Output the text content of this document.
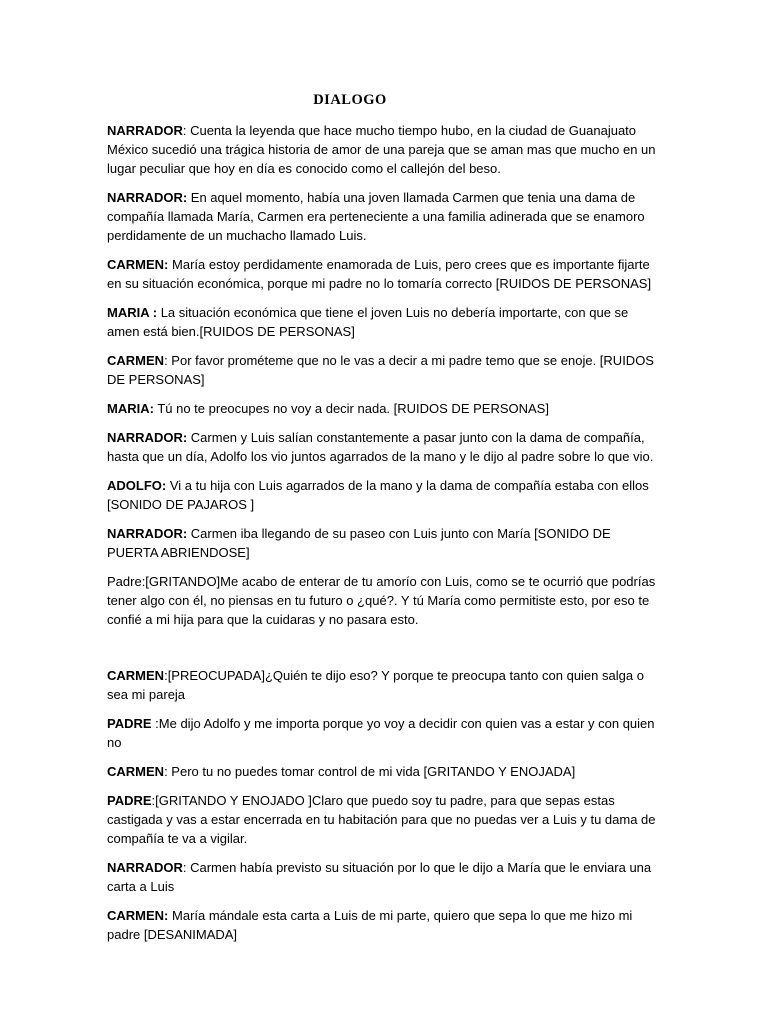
DIALOGO

NARRADOR: Cuenta la leyenda que hace mucho tiempo hubo, en la ciudad de Guanajuato México sucedió una trágica historia de amor de una pareja que se aman mas que mucho en un lugar peculiar que hoy en día es conocido como el callejón del beso.

NARRADOR: En aquel momento, había una joven llamada Carmen que tenia una dama de compañía llamada María, Carmen era perteneciente a una familia adinerada que se enamoro perdidamente de un muchacho llamado Luis.

CARMEN: María estoy perdidamente enamorada de Luis, pero crees que es importante fijarte en su situación económica, porque mi padre no lo tomaría correcto [RUIDOS DE PERSONAS]

MARIA : La situación económica que tiene el joven Luis no debería importarte, con que se amen está bien.[RUIDOS DE PERSONAS]

CARMEN: Por favor prométeme que no le vas a decir a mi padre temo que se enoje. [RUIDOS DE PERSONAS]

MARIA: Tú no te preocupes no voy a decir nada. [RUIDOS DE PERSONAS]

NARRADOR: Carmen y Luis salían constantemente a pasar junto con la dama de compañía, hasta que un día, Adolfo los vio juntos agarrados de la mano y le dijo al padre sobre lo que vio.

ADOLFO: Vi a tu hija con Luis agarrados de la mano y la dama de compañía estaba con ellos [SONIDO DE PAJAROS ]

NARRADOR: Carmen iba llegando de su paseo con Luis junto con María [SONIDO DE PUERTA ABRIENDOSE]

Padre:[GRITANDO]Me acabo de enterar de tu amorío con Luis, como se te ocurrió que podrías tener algo con él, no piensas en tu futuro o ¿qué?. Y tú María como permitiste esto, por eso te confié a mi hija para que la cuidaras y no pasara esto.

CARMEN:[PREOCUPADA]¿Quién te dijo eso? Y porque te preocupa tanto con quien salga o sea mi pareja

PADRE :Me dijo Adolfo y me importa porque yo voy a decidir con quien vas a estar y con quien no

CARMEN: Pero tu no puedes tomar control de mi vida [GRITANDO Y ENOJADA]

PADRE:[GRITANDO Y ENOJADO ]Claro que puedo soy tu padre, para que sepas estas castigada y vas a estar encerrada en tu habitación para que no puedas ver a Luis y tu dama de compañía te va a vigilar.

NARRADOR: Carmen había previsto su situación por lo que le dijo a María que le enviara una carta a Luis

CARMEN: María mándale esta carta a Luis de mi parte, quiero que sepa lo que me hizo mi padre [DESANIMADA]
